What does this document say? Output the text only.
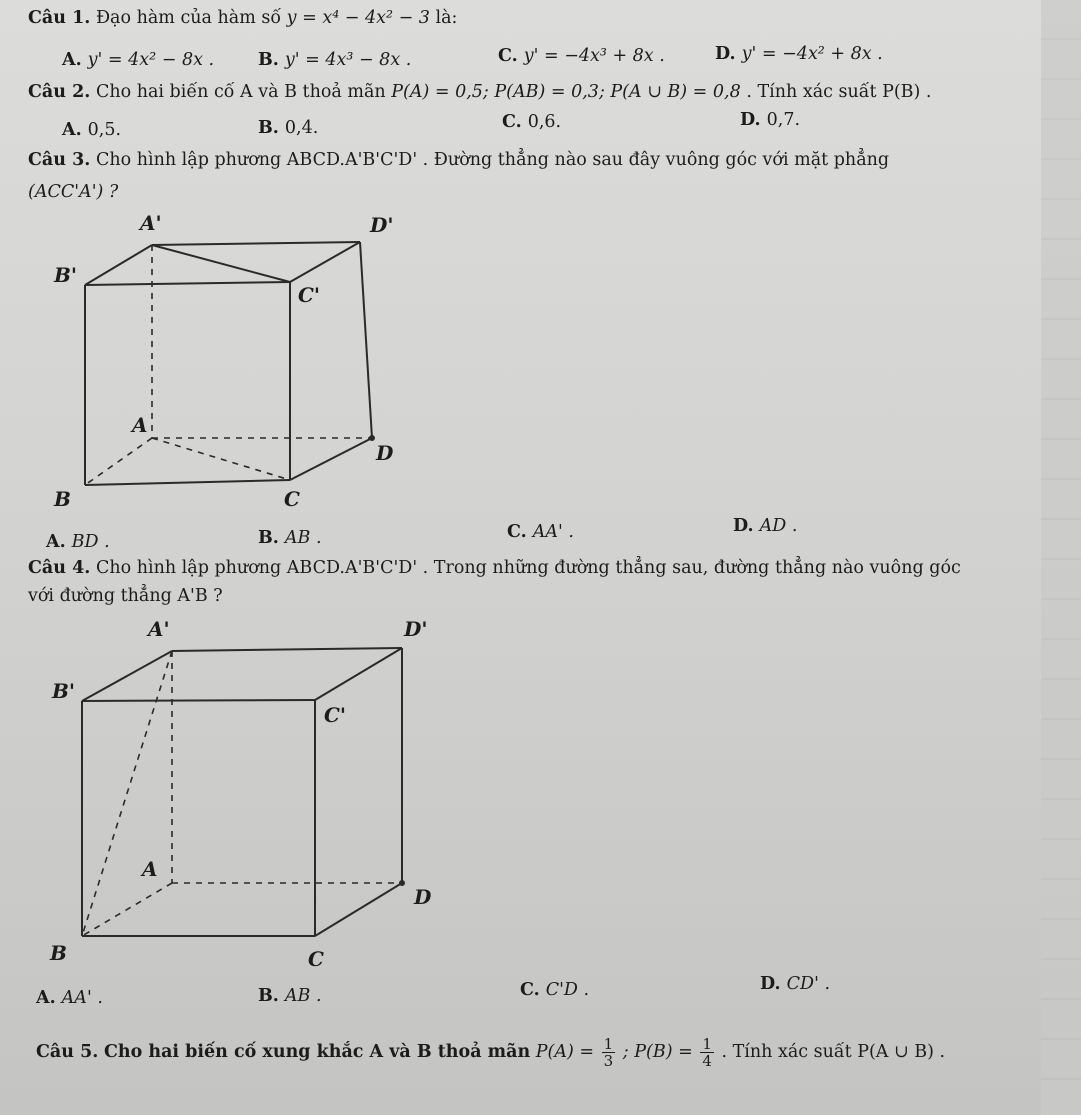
Câu 1. Đạo hàm của hàm số y = x⁴ − 4x² − 3 là:
A. y' = 4x² − 8x .	B. y' = 4x³ − 8x .	C. y' = −4x³ + 8x .	D. y' = −4x² + 8x .
Câu 2. Cho hai biến cố A và B thoả mãn P(A) = 0,5; P(AB) = 0,3; P(A ∪ B) = 0,8 . Tính xác suất P(B) .
A. 0,5.	B. 0,4.	C. 0,6.	D. 0,7.
Câu 3. Cho hình lập phương ABCD.A'B'C'D' . Đường thẳng nào sau đây vuông góc với mặt phẳng
(ACC'A') ?
A'	D'
B'
C'
A
D
B	C
A. BD .	B. AB .	C. AA' .	D. AD .
Câu 4. Cho hình lập phương ABCD.A'B'C'D' . Trong những đường thẳng sau, đường thẳng nào vuông góc
với đường thẳng A'B ?
A'	D'
B'
C'
A
D
B	C
A. AA' .	B. AB .	C. C'D .	D. CD' .
Câu 5. Cho hai biến cố xung khắc A và B thoả mãn $P(A) = \frac{1}{3}$ ; $P(B) = \frac{1}{4}$ . Tính xác suất P(A ∪ B) .
